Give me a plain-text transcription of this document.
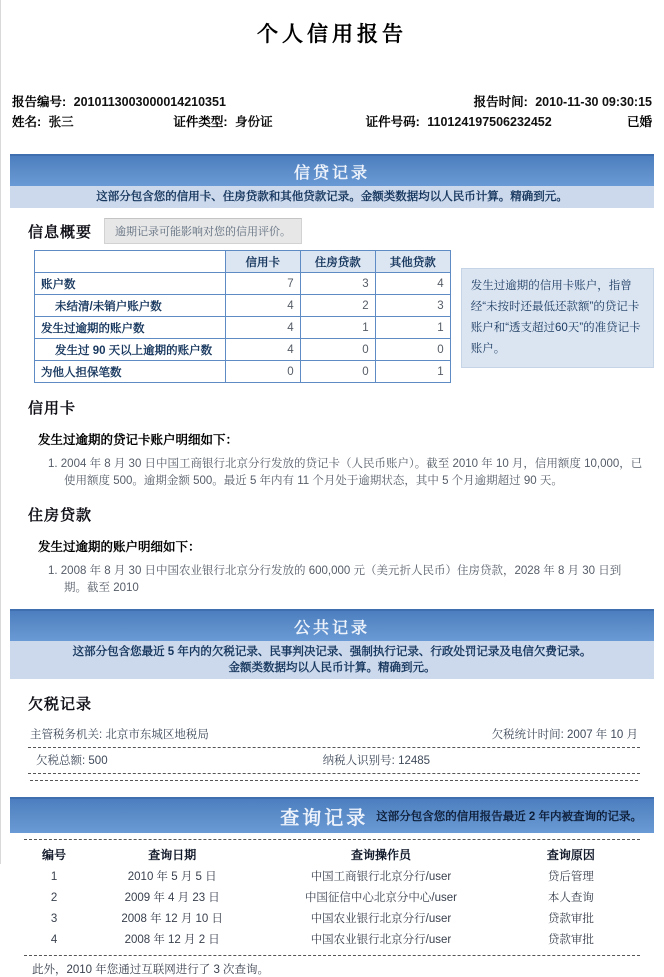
个人信用报告
报告编号: 2010113003000014210351	报告时间: 2010-11-30 09:30:15
姓名: 张三	证件类型: 身份证	证件号码: 110124197506232452	已婚
信贷记录
这部分包含您的信用卡、住房贷款和其他贷款记录。金额类数据均以人民币计算。精确到元。
信息概要	逾期记录可能影响对您的信用评价。
	信用卡	住房贷款	其他贷款
账户数	7	3	4
未结清/未销户账户数	4	2	3
发生过逾期的账户数	4	1	1
发生过 90 天以上逾期的账户数	4	0	0
为他人担保笔数	0	0	1
发生过逾期的信用卡账户，指曾经“未按时还最低还款额”的贷记卡账户和“透支超过60天”的准贷记卡账户。
信用卡
发生过逾期的贷记卡账户明细如下：
1. 2004 年 8 月 30 日中国工商银行北京分行发放的贷记卡（人民币账户）。截至 2010 年 10 月，信用额度 10,000，已使用额度 500。逾期金额 500。最近 5 年内有 11 个月处于逾期状态，其中 5 个月逾期超过 90 天。
住房贷款
发生过逾期的账户明细如下：
1. 2008 年 8 月 30 日中国农业银行北京分行发放的 600,000 元（美元折人民币）住房贷款，2028 年 8 月 30 日到期。截至 2010
公共记录
这部分包含您最近 5 年内的欠税记录、民事判决记录、强制执行记录、行政处罚记录及电信欠费记录。
金额类数据均以人民币计算。精确到元。
欠税记录
主管税务机关: 北京市东城区地税局	欠税统计时间: 2007 年 10 月
欠税总额: 500	纳税人识别号: 12485
查询记录 这部分包含您的信用报告最近 2 年内被查询的记录。
编号	查询日期	查询操作员	查询原因
1	2010 年 5 月 5 日	中国工商银行北京分行/user	贷后管理
2	2009 年 4 月 23 日	中国征信中心北京分中心/user	本人查询
3	2008 年 12 月 10 日	中国农业银行北京分行/user	贷款审批
4	2008 年 12 月 2 日	中国农业银行北京分行/user	贷款审批
此外，2010 年您通过互联网进行了 3 次查询。
